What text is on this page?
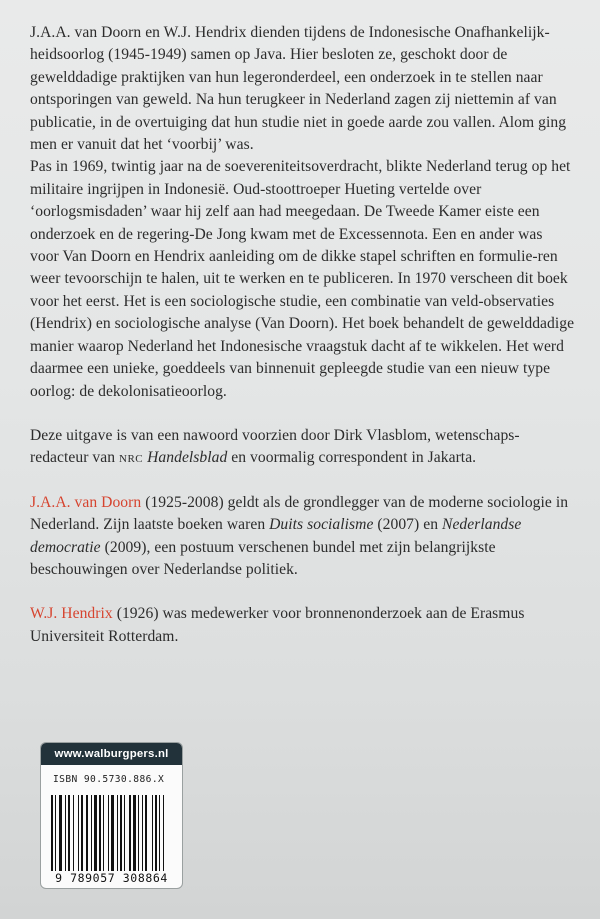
J.A.A. van Doorn en W.J. Hendrix dienden tijdens de Indonesische Onafhankelijk-heidsoorlog (1945-1949) samen op Java. Hier besloten ze, geschokt door de gewelddadige praktijken van hun legeronderdeel, een onderzoek in te stellen naar ontsporingen van geweld. Na hun terugkeer in Nederland zagen zij niettemin af van publicatie, in de overtuiging dat hun studie niet in goede aarde zou vallen. Alom ging men er vanuit dat het ‘voorbij’ was.

Pas in 1969, twintig jaar na de soevereniteitsoverdracht, blikte Nederland terug op het militaire ingrijpen in Indonesië. Oud-stoottroeper Hueting vertelde over ‘oorlogsmisdaden’ waar hij zelf aan had meegedaan. De Tweede Kamer eiste een onderzoek en de regering-De Jong kwam met de Excessennota. Een en ander was voor Van Doorn en Hendrix aanleiding om de dikke stapel schriften en formulie-ren weer tevoorschijn te halen, uit te werken en te publiceren. In 1970 verscheen dit boek voor het eerst. Het is een sociologische studie, een combinatie van veld-observaties (Hendrix) en sociologische analyse (Van Doorn). Het boek behandelt de gewelddadige manier waarop Nederland het Indonesische vraagstuk dacht af te wikkelen. Het werd daarmee een unieke, goeddeels van binnenuit gepleegde studie van een nieuw type oorlog: de dekolonisatieoorlog.

Deze uitgave is van een nawoord voorzien door Dirk Vlasblom, wetenschaps-redacteur van nrc Handelsblad en voormalig correspondent in Jakarta.

J.A.A. van Doorn (1925-2008) geldt als de grondlegger van de moderne sociologie in Nederland. Zijn laatste boeken waren Duits socialisme (2007) en Nederlandse democratie (2009), een postuum verschenen bundel met zijn belangrijkste beschouwingen over Nederlandse politiek.

W.J. Hendrix (1926) was medewerker voor bronnenonderzoek aan de Erasmus Universiteit Rotterdam.

www.walburgpers.nl
ISBN 90.5730.886.X
9 789057 308864
